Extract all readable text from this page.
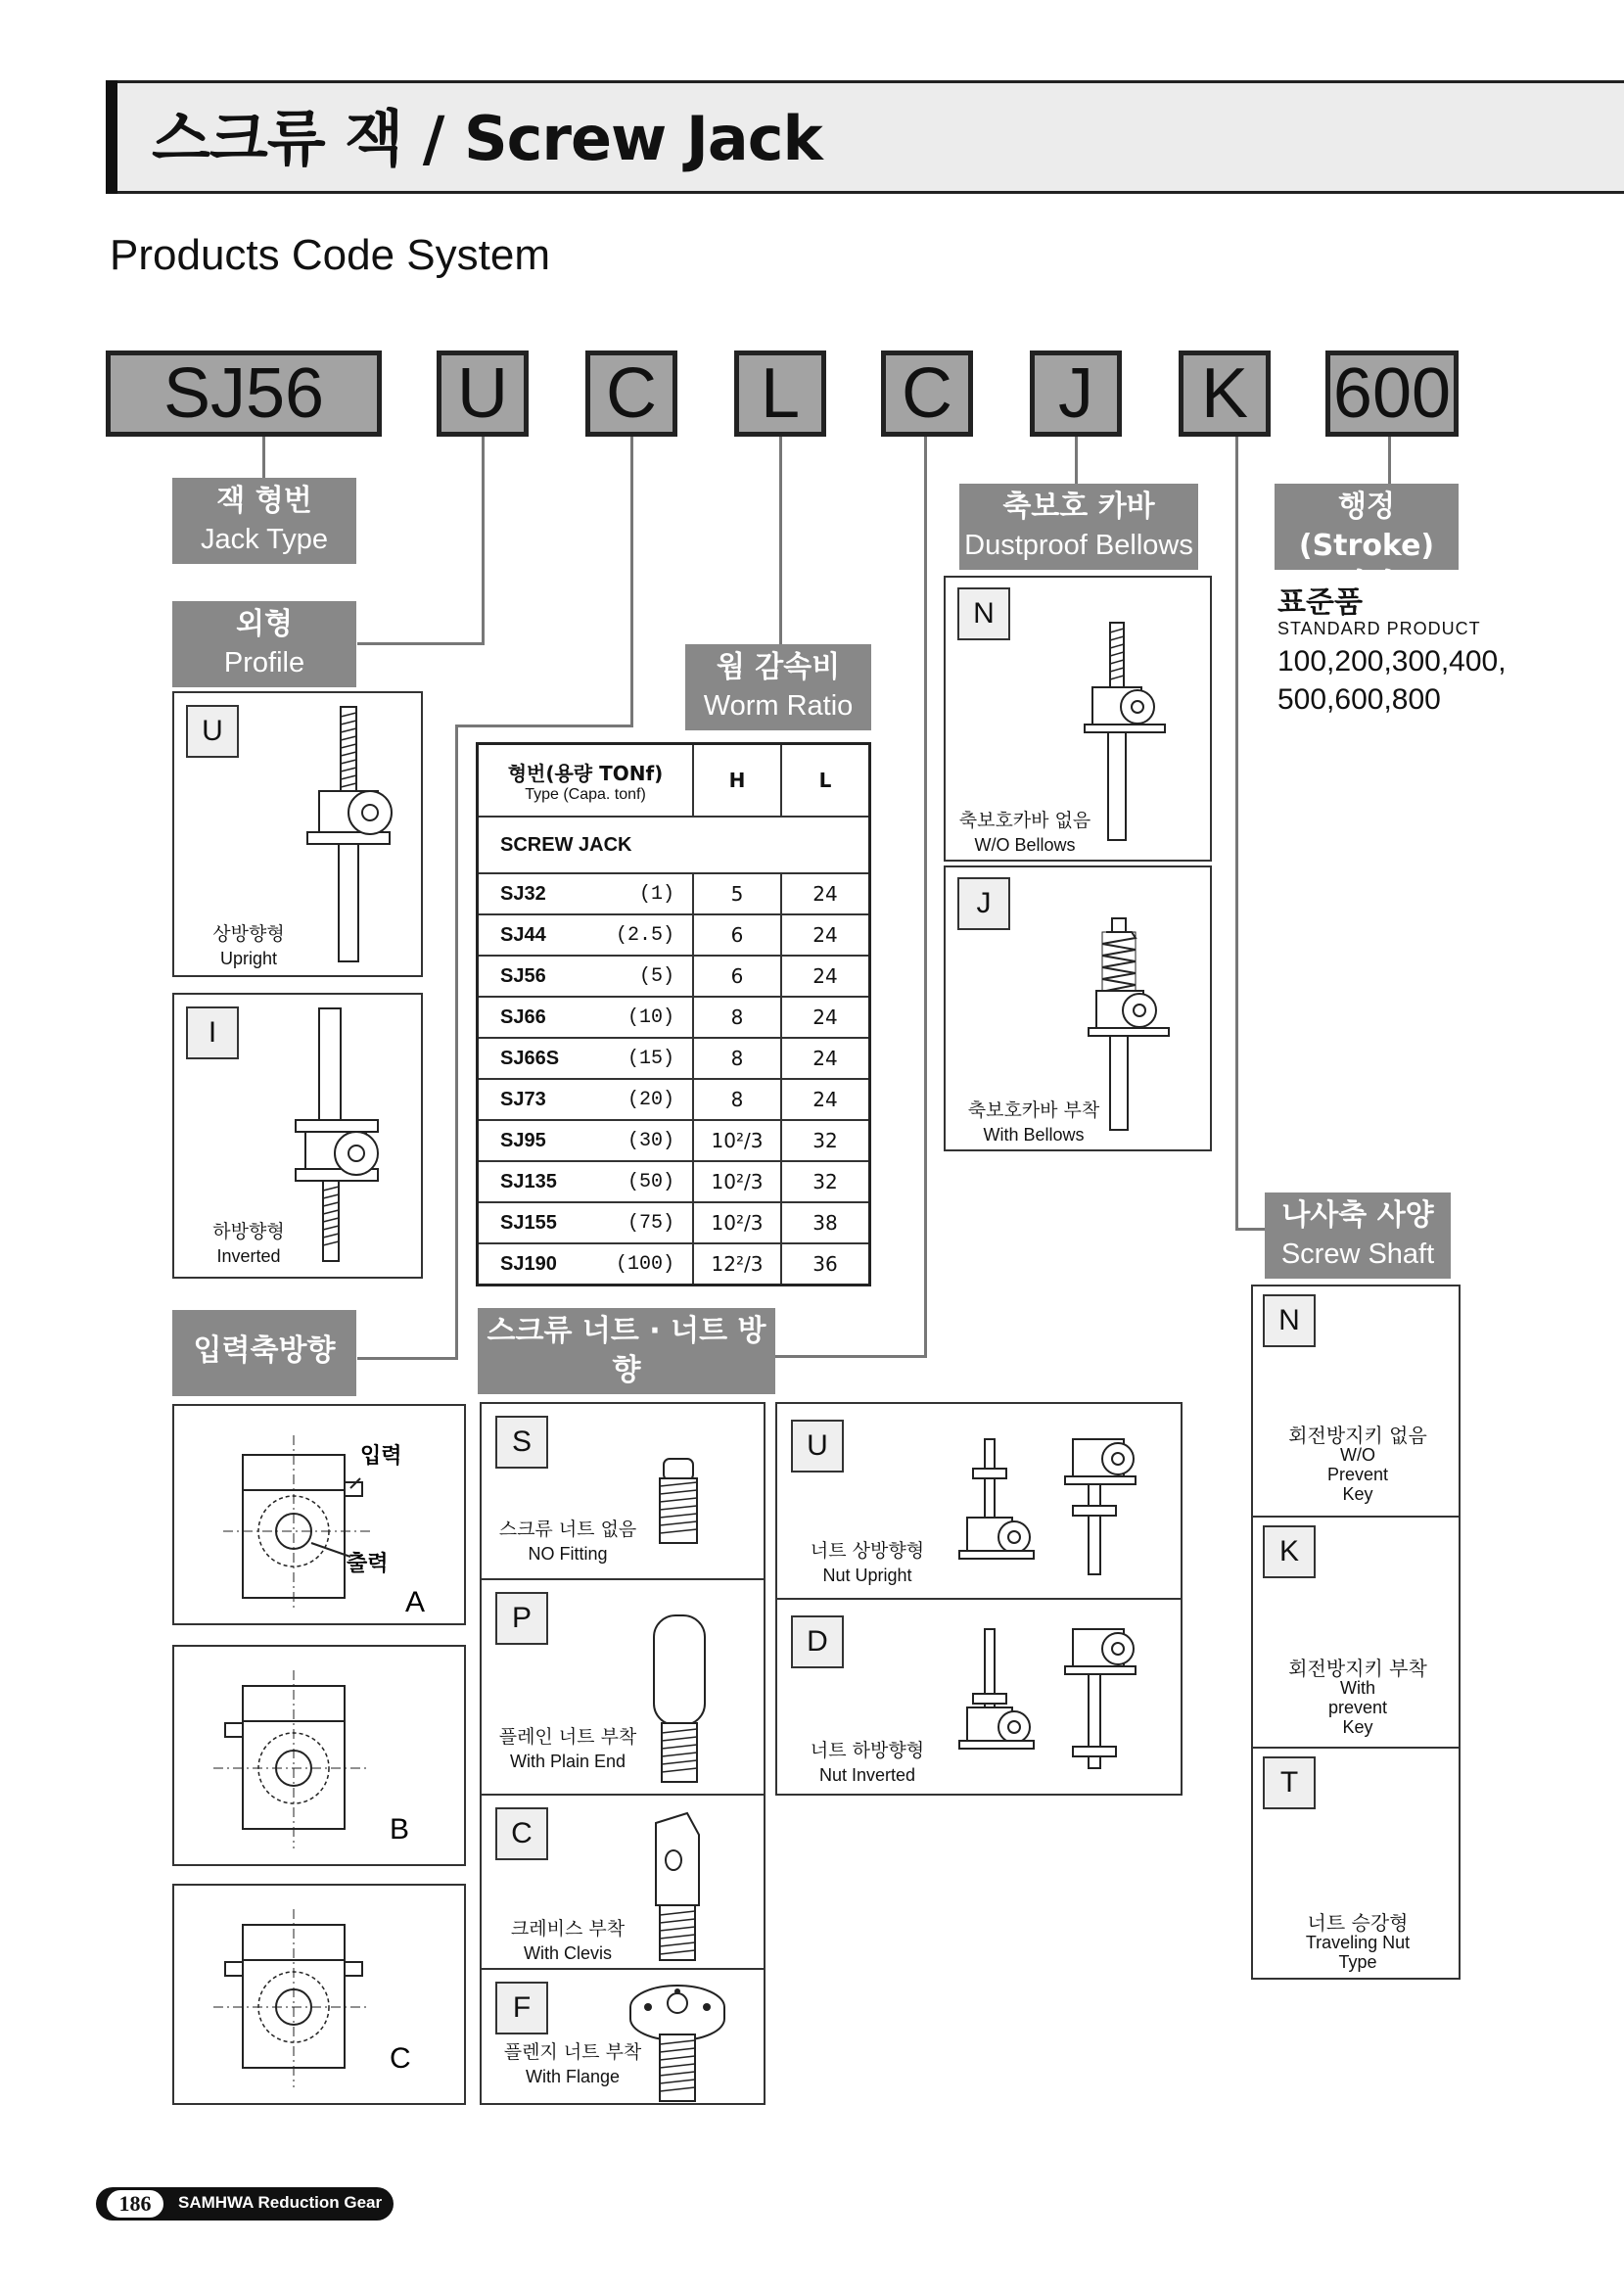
스크류 잭 / Screw Jack
Products Code System
SJ56	U C	L	C	J	K	600
잭 형번
Jack Type
외형
Profile	웜 감속비
Worm Ratio
축보호 카바
Dustproof Bellows
행정(Stroke)
길이
입력축방향
스크류 너트 · 너트 방향
나사축 사양
Screw Shaft
U
상방향형
Upright
I
하방향형
Inverted
형번(용량 TONf)
Type (Capa. tonf)	H	L
SCREW JACK		

SJ32 (1)	5	24

SJ44 (2.5)	6	24

SJ56 (5)	6	24

SJ66 (10)	8	24

SJ66S (15)	8	24

SJ73 (20)	8	24

SJ95 (30)	10²/3	32

SJ135 (50)	10²/3	32

SJ155 (75)	10²/3	38

SJ190 (100)	12²/3	36
입력
출력
A
B
C
S
스크류 너트 없음
NO Fitting
P
플레인 너트 부착
With Plain End
C
크레비스 부착
With Clevis
F
플렌지 너트 부착
With Flange
U
너트 상방향형
Nut Upright
D
너트 하방향형
Nut Inverted
N
축보호카바 없음
W/O Bellows
J
축보호카바 부착
With Bellows
표준품
STANDARD PRODUCT
100,200,300,400, 500,600,800
N
회전방지키 없음
W/O
Prevent
Key
K
회전방지키 부착
With
prevent
Key
T
너트 승강형
Traveling Nut
Type
186	SAMHWA Reduction Gear
